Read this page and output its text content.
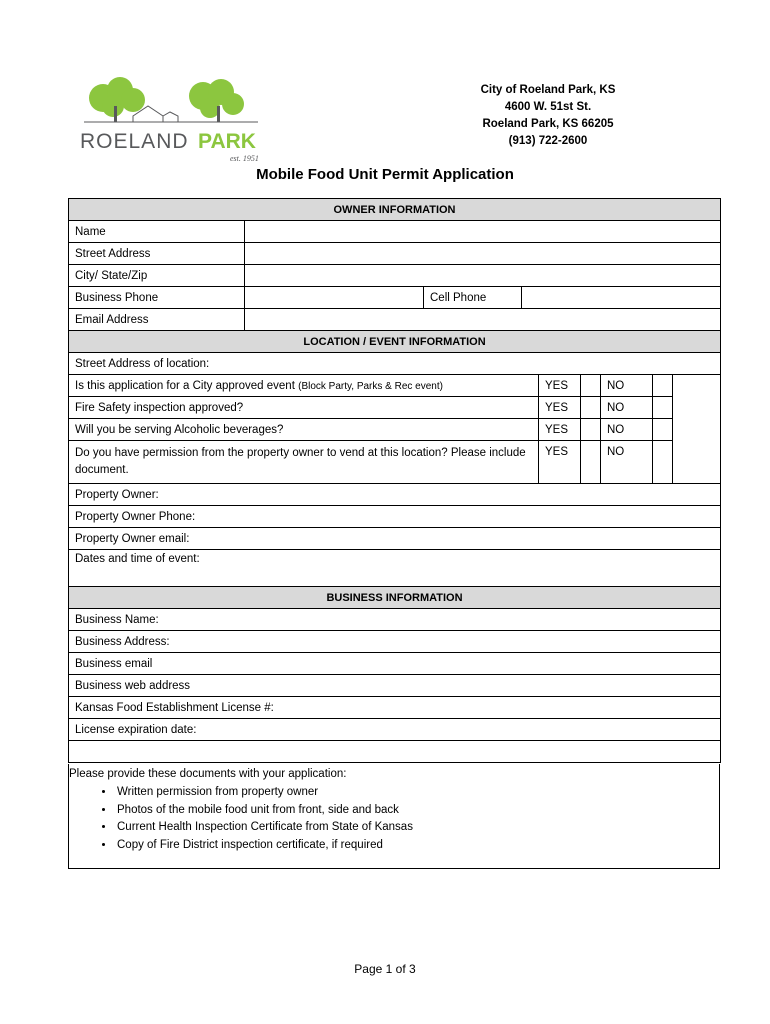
ROELAND PARK
est. 1951
City of Roeland Park, KS
4600 W. 51st St.
Roeland Park, KS 66205
(913) 722-2600
Mobile Food Unit Permit Application
OWNER INFORMATION			
Name			
Street Address			
City/ State/Zip			
Business Phone		Cell Phone	
Email Address			
LOCATION / EVENT INFORMATION					
Street Address of location:					
Is this application for a City approved event (Block Party, Parks & Rec event)	YES		NO		
Fire Safety inspection approved?	YES		NO		
Will you be serving Alcoholic beverages?	YES		NO		
Do you have permission from the property owner to vend at this location? Please include document.	YES		NO		
Property Owner:					
Property Owner Phone:					
Property Owner email:					
Dates and time of event:					
BUSINESS INFORMATION
Business Name:
Business Address:
Business email
Business web address
Kansas Food Establishment License #:
License expiration date:

Please provide these documents with your application:
• Written permission from property owner
• Photos of the mobile food unit from front, side and back
• Current Health Inspection Certificate from State of Kansas
• Copy of Fire District inspection certificate, if required
Page 1 of 3
